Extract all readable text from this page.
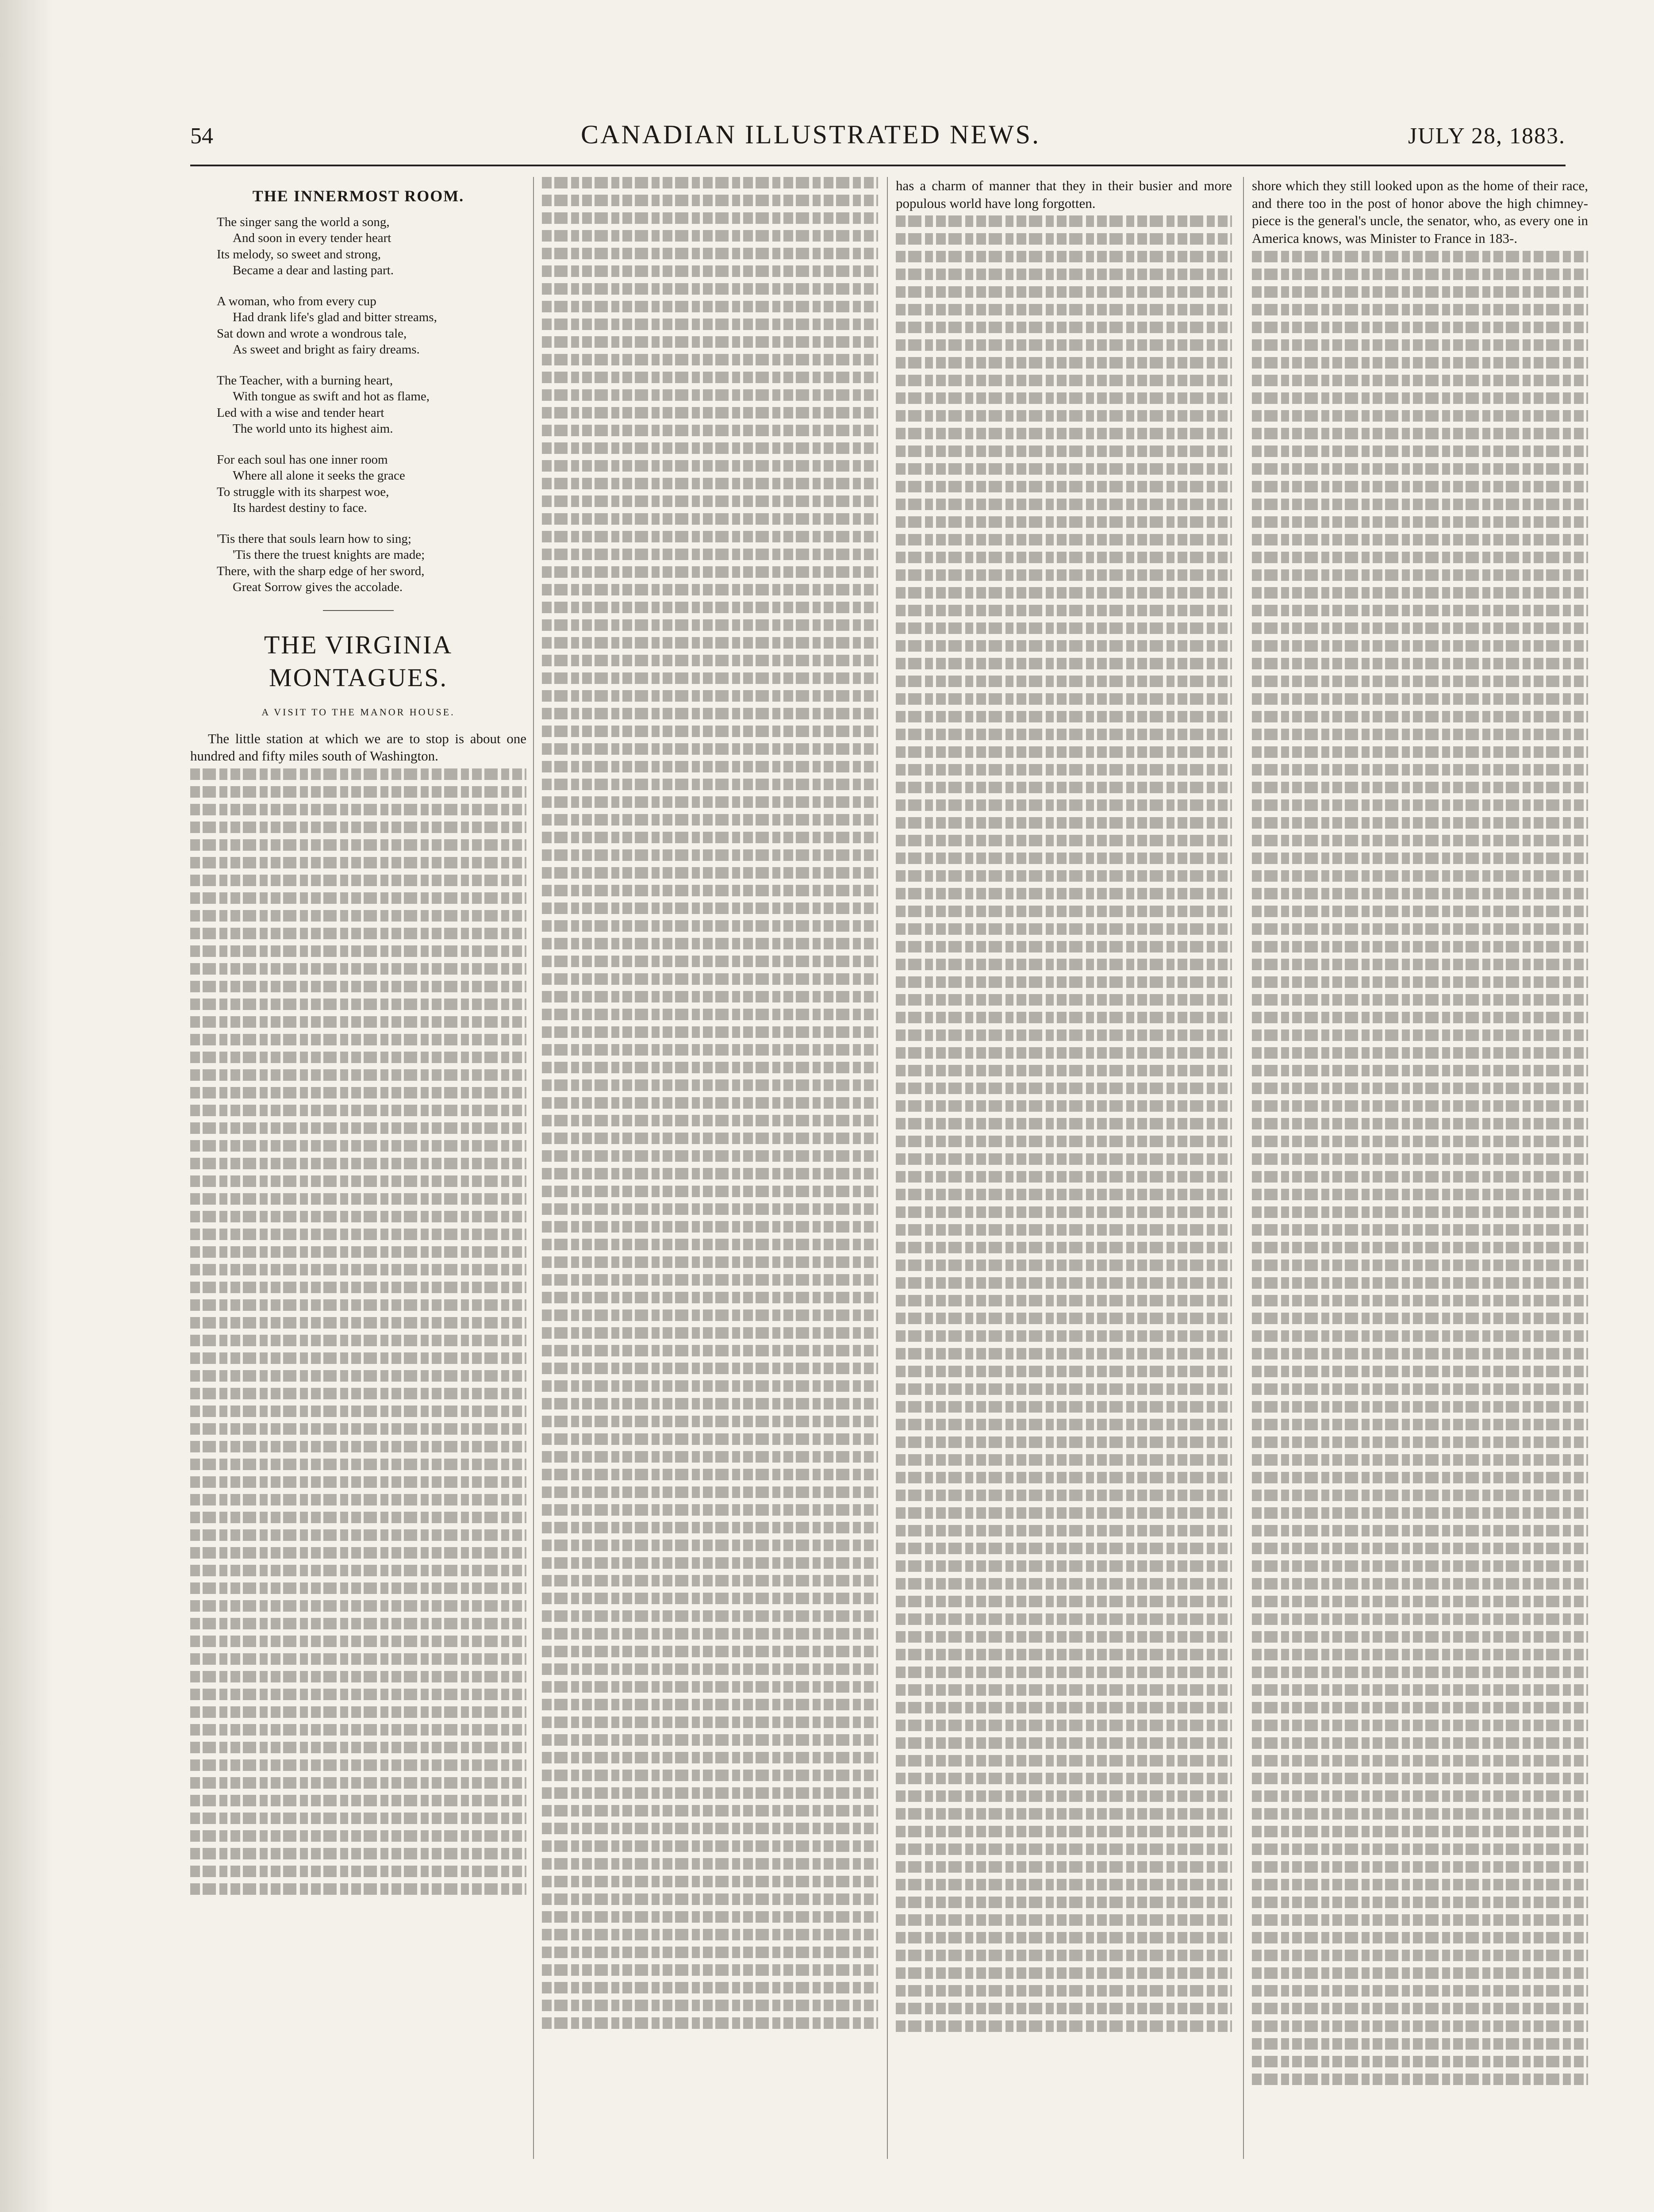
54	CANADIAN ILLUSTRATED NEWS.	JULY 28, 1883.
THE INNERMOST ROOM.
The singer sang the world a song,
And soon in every tender heart
Its melody, so sweet and strong,
Became a dear and lasting part.
A woman, who from every cup
Had drank life's glad and bitter streams,
Sat down and wrote a wondrous tale,
As sweet and bright as fairy dreams.
The Teacher, with a burning heart,
With tongue as swift and hot as flame,
Led with a wise and tender heart
The world unto its highest aim.
For each soul has one inner room
Where all alone it seeks the grace
To struggle with its sharpest woe,
Its hardest destiny to face.
'Tis there that souls learn how to sing;
'Tis there the truest knights are made;
There, with the sharp edge of her sword,
Great Sorrow gives the accolade.
THE VIRGINIA MONTAGUES.
A VISIT TO THE MANOR HOUSE.

The little station at which we are to stop is about one hundred and fifty miles south of Washington.

has a charm of manner that they in their busier and more populous world have long forgotten.

shore which they still looked upon as the home of their race, and there too in the post of honor above the high chimney-piece is the general's uncle, the senator, who, as every one in America knows, was Minister to France in 183-.
